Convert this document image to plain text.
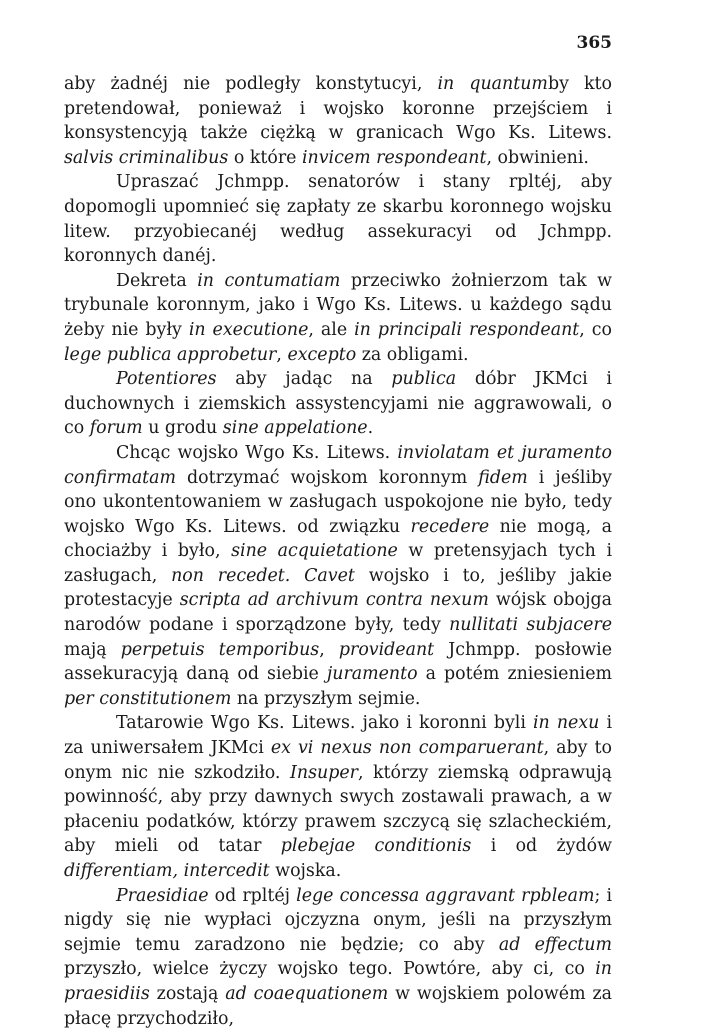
365

aby żadnéj nie podległy konstytucyi, in quantumby kto pretendował, ponieważ i wojsko koronne przejściem i konsystencyją także ciężką w granicach Wgo Ks. Litews. salvis criminalibus o które invicem respondeant, obwinieni.

Upraszać Jchmpp. senatorów i stany rpltéj, aby dopomogli upomnieć się zapłaty ze skarbu koronnego wojsku litew. przyobiecanéj według assekuracyi od Jchmpp. koronnych danéj.

Dekreta in contumatiam przeciwko żołnierzom tak w trybunale koronnym, jako i Wgo Ks. Litews. u każdego sądu żeby nie były in executione, ale in principali respondeant, co lege publica approbetur, excepto za obligami.

Potentiores aby jadąc na publica dóbr JKMci i duchownych i ziemskich assystencyjami nie aggrawowali, o co forum u grodu sine appelatione.

Chcąc wojsko Wgo Ks. Litews. inviolatam et juramento confirmatam dotrzymać wojskom koronnym fidem i jeśliby ono ukontentowaniem w zasługach uspokojone nie było, tedy wojsko Wgo Ks. Litews. od związku recedere nie mogą, a chociażby i było, sine acquietatione w pretensyjach tych i zasługach, non recedet. Cavet wojsko i to, jeśliby jakie protestacyje scripta ad archivum contra nexum wójsk obojga narodów podane i sporządzone były, tedy nullitati subjacere mają perpetuis temporibus, provideant Jchmpp. posłowie assekuracyją daną od siebie juramento a potém zniesieniem per constitutionem na przyszłym sejmie.

Tatarowie Wgo Ks. Litews. jako i koronni byli in nexu i za uniwersałem JKMci ex vi nexus non comparuerant, aby to onym nic nie szkodziło. Insuper, którzy ziemską odprawują powinność, aby przy dawnych swych zostawali prawach, a w płaceniu podatków, którzy prawem szczycą się szlacheckiém, aby mieli od tatar plebejae conditionis i od żydów differentiam, intercedit wojska.

Praesidiae od rpltéj lege concessa aggravant rpbleam; i nigdy się nie wypłaci ojczyzna onym, jeśli na przyszłym sejmie temu zaradzono nie będzie; co aby ad effectum przyszło, wielce życzy wojsko tego. Powtóre, aby ci, co in praesidiis zostają ad coaequationem w wojskiem polowém za płacę przychodziło,
